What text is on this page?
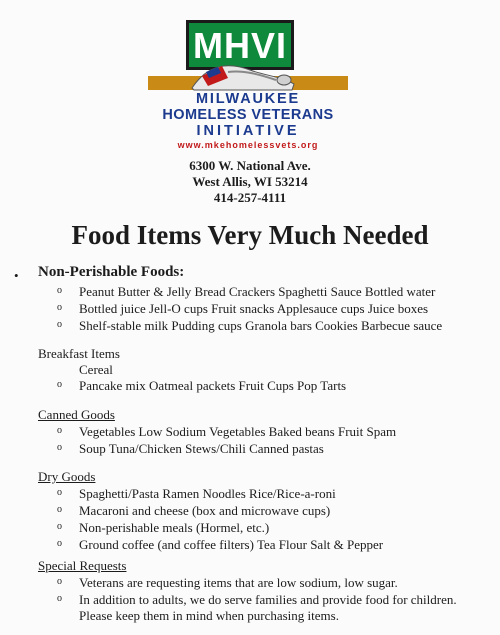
MHVI
MILWAUKEE
HOMELESS VETERANS
INITIATIVE
www.mkehomelessvets.org
6300 W. National Ave.
West Allis, WI 53214
414-257-4111
Food Items Very Much Needed
• Non-Perishable Foods:
o Peanut Butter & Jelly Bread Crackers Spaghetti Sauce Bottled water
o Bottled juice Jell-O cups Fruit snacks Applesauce cups Juice boxes
o Shelf-stable milk Pudding cups Granola bars Cookies Barbecue sauce
Breakfast Items
Cereal
o Pancake mix Oatmeal packets Fruit Cups Pop Tarts
Canned Goods
o Vegetables Low Sodium Vegetables Baked beans Fruit Spam
o Soup Tuna/Chicken Stews/Chili Canned pastas
Dry Goods
o Spaghetti/Pasta Ramen Noodles Rice/Rice-a-roni
o Macaroni and cheese (box and microwave cups)
o Non-perishable meals (Hormel, etc.)
o Ground coffee (and coffee filters) Tea Flour Salt & Pepper
Special Requests
o Veterans are requesting items that are low sodium, low sugar.
o In addition to adults, we do serve families and provide food for children.
Please keep them in mind when purchasing items.
